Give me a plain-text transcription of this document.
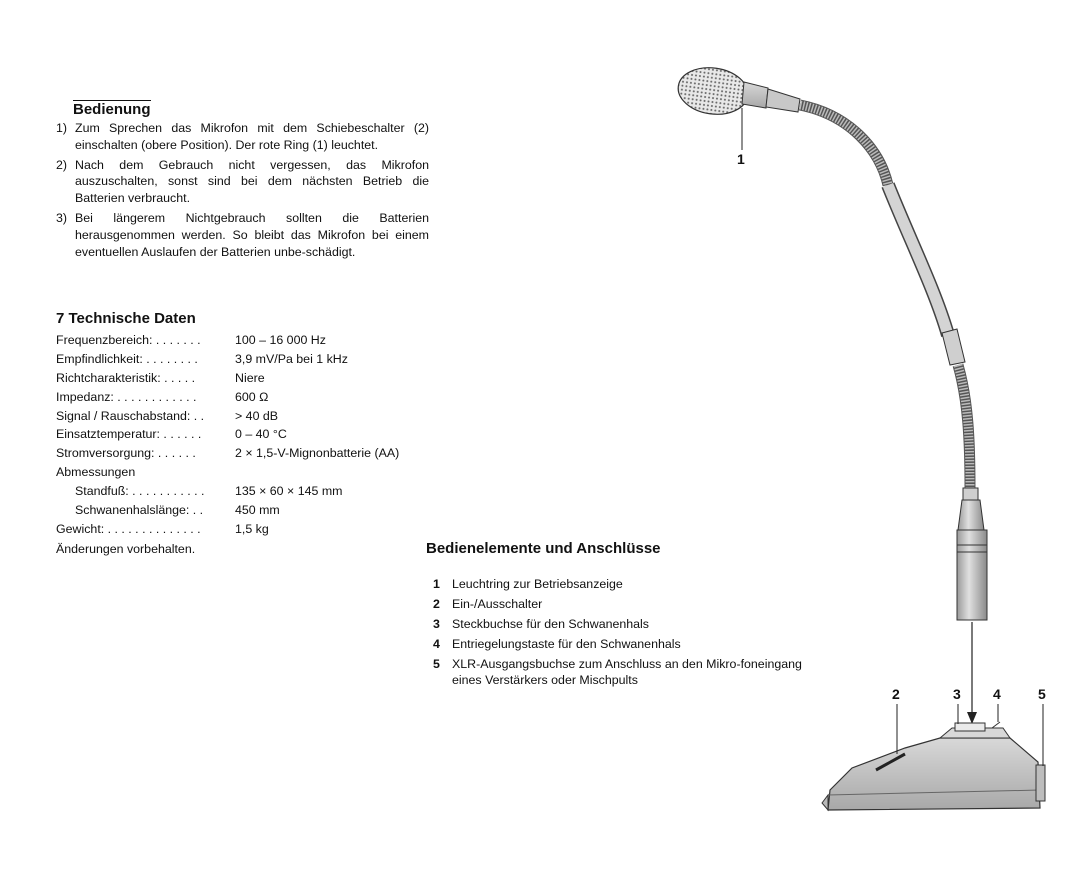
Bedienung
1) Zum Sprechen das Mikrofon mit dem Schiebeschalter (2) einschalten (obere Position). Der rote Ring (1) leuchtet.
2) Nach dem Gebrauch nicht vergessen, das Mikrofon auszuschalten, sonst sind bei dem nächsten Betrieb die Batterien verbraucht.
3) Bei längerem Nichtgebrauch sollten die Batterien herausgenommen werden. So bleibt das Mikrofon bei einem eventuellen Auslaufen der Batterien unbe-schädigt.
7 Technische Daten
Frequenzbereich: . . . . . . .	100 – 16 000 Hz
Empfindlichkeit: . . . . . . . .	3,9 mV/Pa bei 1 kHz
Richtcharakteristik: . . . . .	Niere
Impedanz: . . . . . . . . . . . .	600 Ω
Signal / Rauschabstand: . . > 40 dB
Einsatztemperatur: . . . . . .	0 – 40 °C
Stromversorgung: . . . . . .	2 × 1,5-V-Mignonbatterie (AA)
Abmessungen
Standfuß: . . . . . . . . . . . 135 × 60 × 145 mm
Schwanenhalslänge: . .	450 mm
Gewicht: . . . . . . . . . . . . . .	1,5 kg
Änderungen vorbehalten.	Bedienelemente und Anschlüsse
1 Leuchtring zur Betriebsanzeige
2 Ein-/Ausschalter
3 Steckbuchse für den Schwanenhals
4 Entriegelungstaste für den Schwanenhals
5 XLR-Ausgangsbuchse zum Anschluss an den Mikro-foneingang eines Verstärkers oder Mischpults
1
2	3 4	5
